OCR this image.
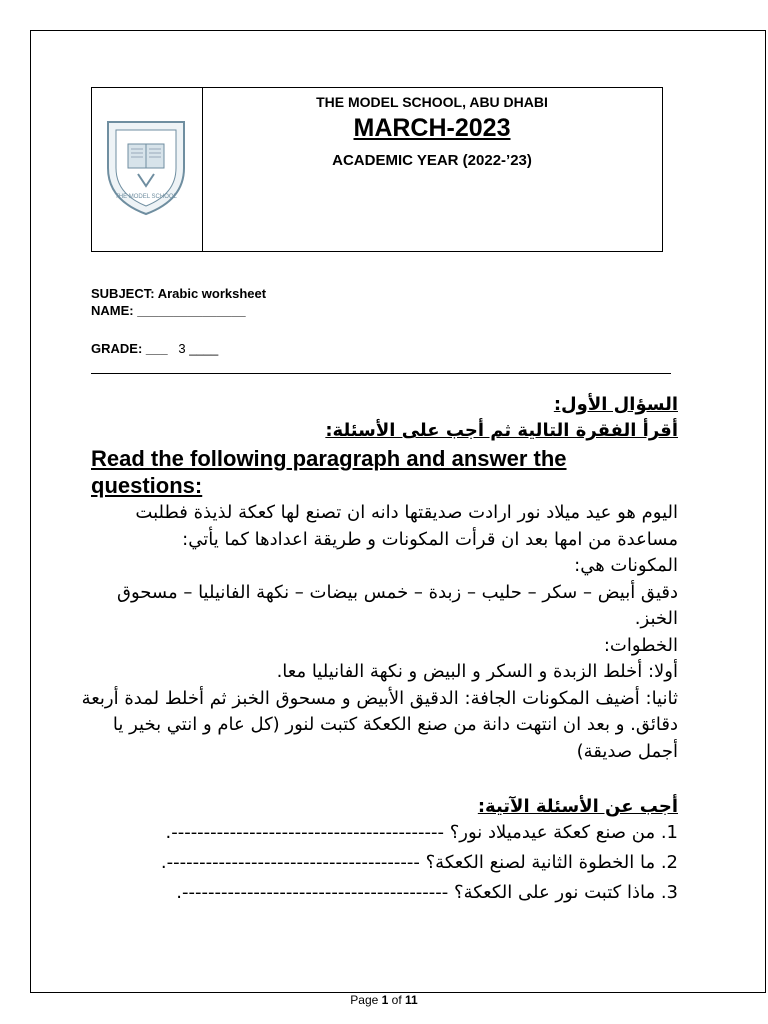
THE MODEL SCHOOL
THE MODEL SCHOOL, ABU DHABI
MARCH-2023
ACADEMIC YEAR (2022-’23)
SUBJECT: Arabic worksheet
NAME: _______________
GRADE: ___   3 ____
السؤال الأول:
أقرأ الفقرة التالية ثم أجب على الأسئلة:
Read the following paragraph and answer the questions:
اليوم هو عيد ميلاد نور ارادت صديقتها دانه ان تصنع لها كعكة لذيذة فطلبت
مساعدة من امها بعد ان قرأت المكونات و طريقة اعدادها كما يأتي:
المكونات هي:
دقيق أبيض – سكر – حليب – زبدة – خمس بيضات – نكهة الفانيليا – مسحوق
الخبز.
الخطوات:
أولا: أخلط الزبدة و السكر و البيض و نكهة الفانيليا معا.
ثانيا: أضيف المكونات الجافة: الدقيق الأبيض و مسحوق الخبز ثم أخلط لمدة أربعة
دقائق. و بعد ان انتهت دانة من صنع الكعكة كتبت لنور (كل عام و انتي بخير يا
أجمل صديقة)
أجب عن الأسئلة الآتية:
1. من صنع كعكة عيدميلاد نور؟ ------------------------------------------.
2. ما الخطوة الثانية لصنع الكعكة؟ ---------------------------------------.
3. ماذا كتبت نور على الكعكة؟ -----------------------------------------.
Page 1 of 11
